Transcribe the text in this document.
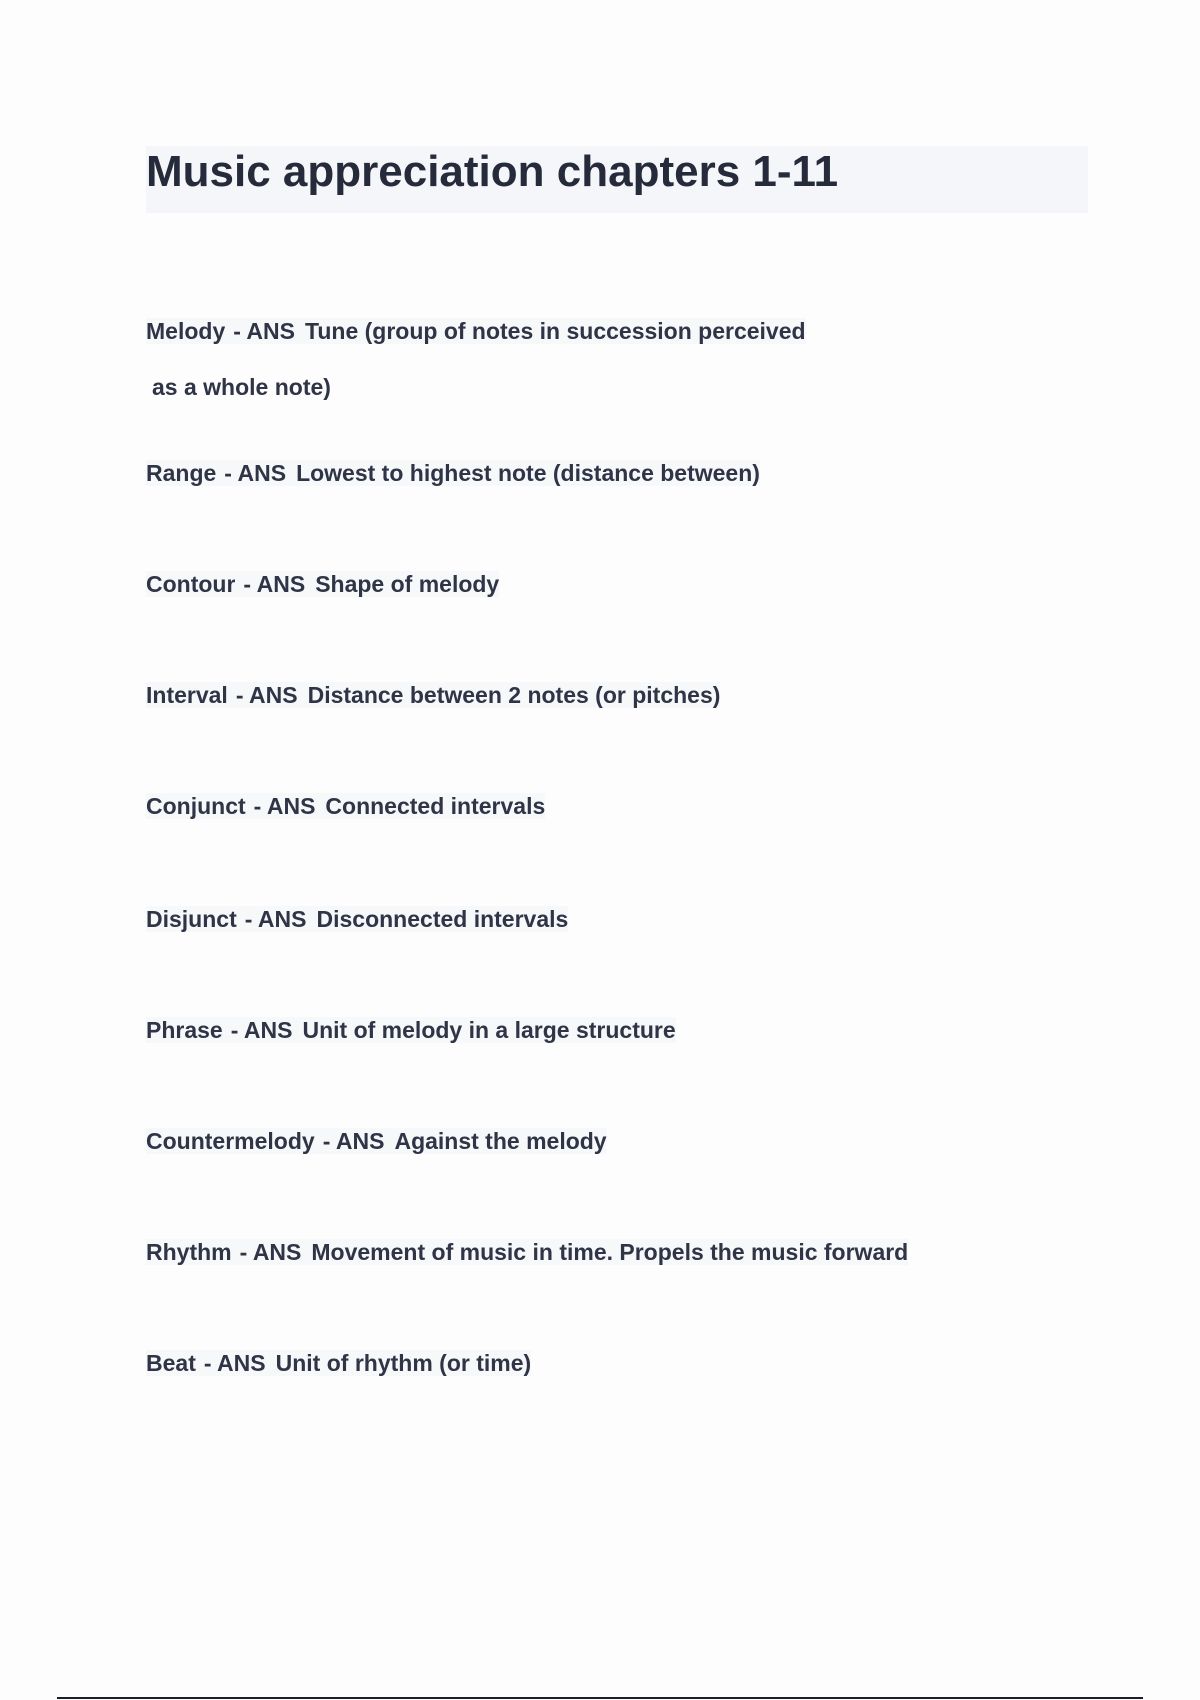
Music appreciation chapters 1-11

Melody - ANS Tune (group of notes in succession perceived
as a whole note)

Range - ANS Lowest to highest note (distance between)

Contour - ANS Shape of melody

Interval - ANS Distance between 2 notes (or pitches)

Conjunct - ANS Connected intervals

Disjunct - ANS Disconnected intervals

Phrase - ANS Unit of melody in a large structure

Countermelody - ANS Against the melody

Rhythm - ANS Movement of music in time. Propels the music forward

Beat - ANS Unit of rhythm (or time)
